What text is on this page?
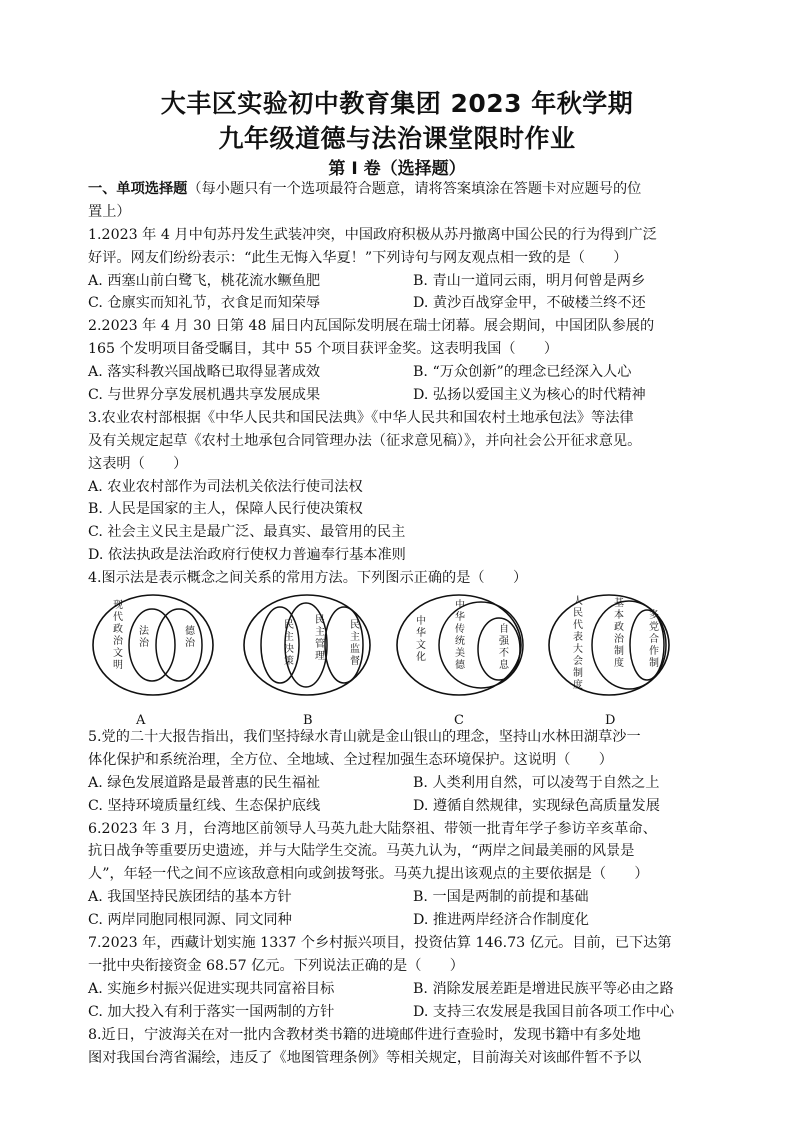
大丰区实验初中教育集团 2023 年秋学期
九年级道德与法治课堂限时作业
第 I 卷（选择题）
一、单项选择题（每小题只有一个选项最符合题意，请将答案填涂在答题卡对应题号的位
置上）
1.2023 年 4 月中旬苏丹发生武装冲突，中国政府积极从苏丹撤离中国公民的行为得到广泛
好评。网友们纷纷表示：“此生无悔入华夏！”下列诗句与网友观点相一致的是（　　）
A. 西塞山前白鹭飞，桃花流水鳜鱼肥	B. 青山一道同云雨，明月何曾是两乡
C. 仓廪实而知礼节，衣食足而知荣辱	D. 黄沙百战穿金甲，不破楼兰终不还
2.2023 年 4 月 30 日第 48 届日内瓦国际发明展在瑞士闭幕。展会期间，中国团队参展的
165 个发明项目备受瞩目，其中 55 个项目获评金奖。这表明我国（　　）
A. 落实科教兴国战略已取得显著成效	B. “万众创新”的理念已经深入人心
C. 与世界分享发展机遇共享发展成果	D. 弘扬以爱国主义为核心的时代精神
3.农业农村部根据《中华人民共和国民法典》《中华人民共和国农村土地承包法》等法律
及有关规定起草《农村土地承包合同管理办法（征求意见稿）》，并向社会公开征求意见。
这表明（　　）
A. 农业农村部作为司法机关依法行使司法权
B. 人民是国家的主人，保障人民行使决策权
C. 社会主义民主是最广泛、最真实、最管用的民主
D. 依法执政是法治政府行使权力普遍奉行基本准则
4.图示法是表示概念之间关系的常用方法。下列图示正确的是（　　）
现代政治文明
法治
德治
A
民主决策
民主管理
民主监督
B
中华文化
中华传统美德
自强不息
C
人民代表大会制度
基本政治制度
多党合作制
D
5.党的二十大报告指出，我们坚持绿水青山就是金山银山的理念，坚持山水林田湖草沙一
体化保护和系统治理，全方位、全地域、全过程加强生态环境保护。这说明（　　）
A. 绿色发展道路是最普惠的民生福祉	B. 人类利用自然，可以凌驾于自然之上
C. 坚持环境质量红线、生态保护底线	D. 遵循自然规律，实现绿色高质量发展
6.2023 年 3 月，台湾地区前领导人马英九赴大陆祭祖、带领一批青年学子参访辛亥革命、
抗日战争等重要历史遗迹，并与大陆学生交流。马英九认为，“两岸之间最美丽的风景是
人”，年轻一代之间不应该敌意相向或剑拔弩张。马英九提出该观点的主要依据是（　　）
A. 我国坚持民族团结的基本方针	B. 一国是两制的前提和基础
C. 两岸同胞同根同源、同文同种	D. 推进两岸经济合作制度化
7.2023 年，西藏计划实施 1337 个乡村振兴项目，投资估算 146.73 亿元。目前，已下达第
一批中央衔接资金 68.57 亿元。下列说法正确的是（　　）
A. 实施乡村振兴促进实现共同富裕目标	B. 消除发展差距是增进民族平等必由之路
C. 加大投入有利于落实一国两制的方针	D. 支持三农发展是我国目前各项工作中心
8.近日，宁波海关在对一批内含教材类书籍的进境邮件进行查验时，发现书籍中有多处地
图对我国台湾省漏绘，违反了《地图管理条例》等相关规定，目前海关对该邮件暂不予以
